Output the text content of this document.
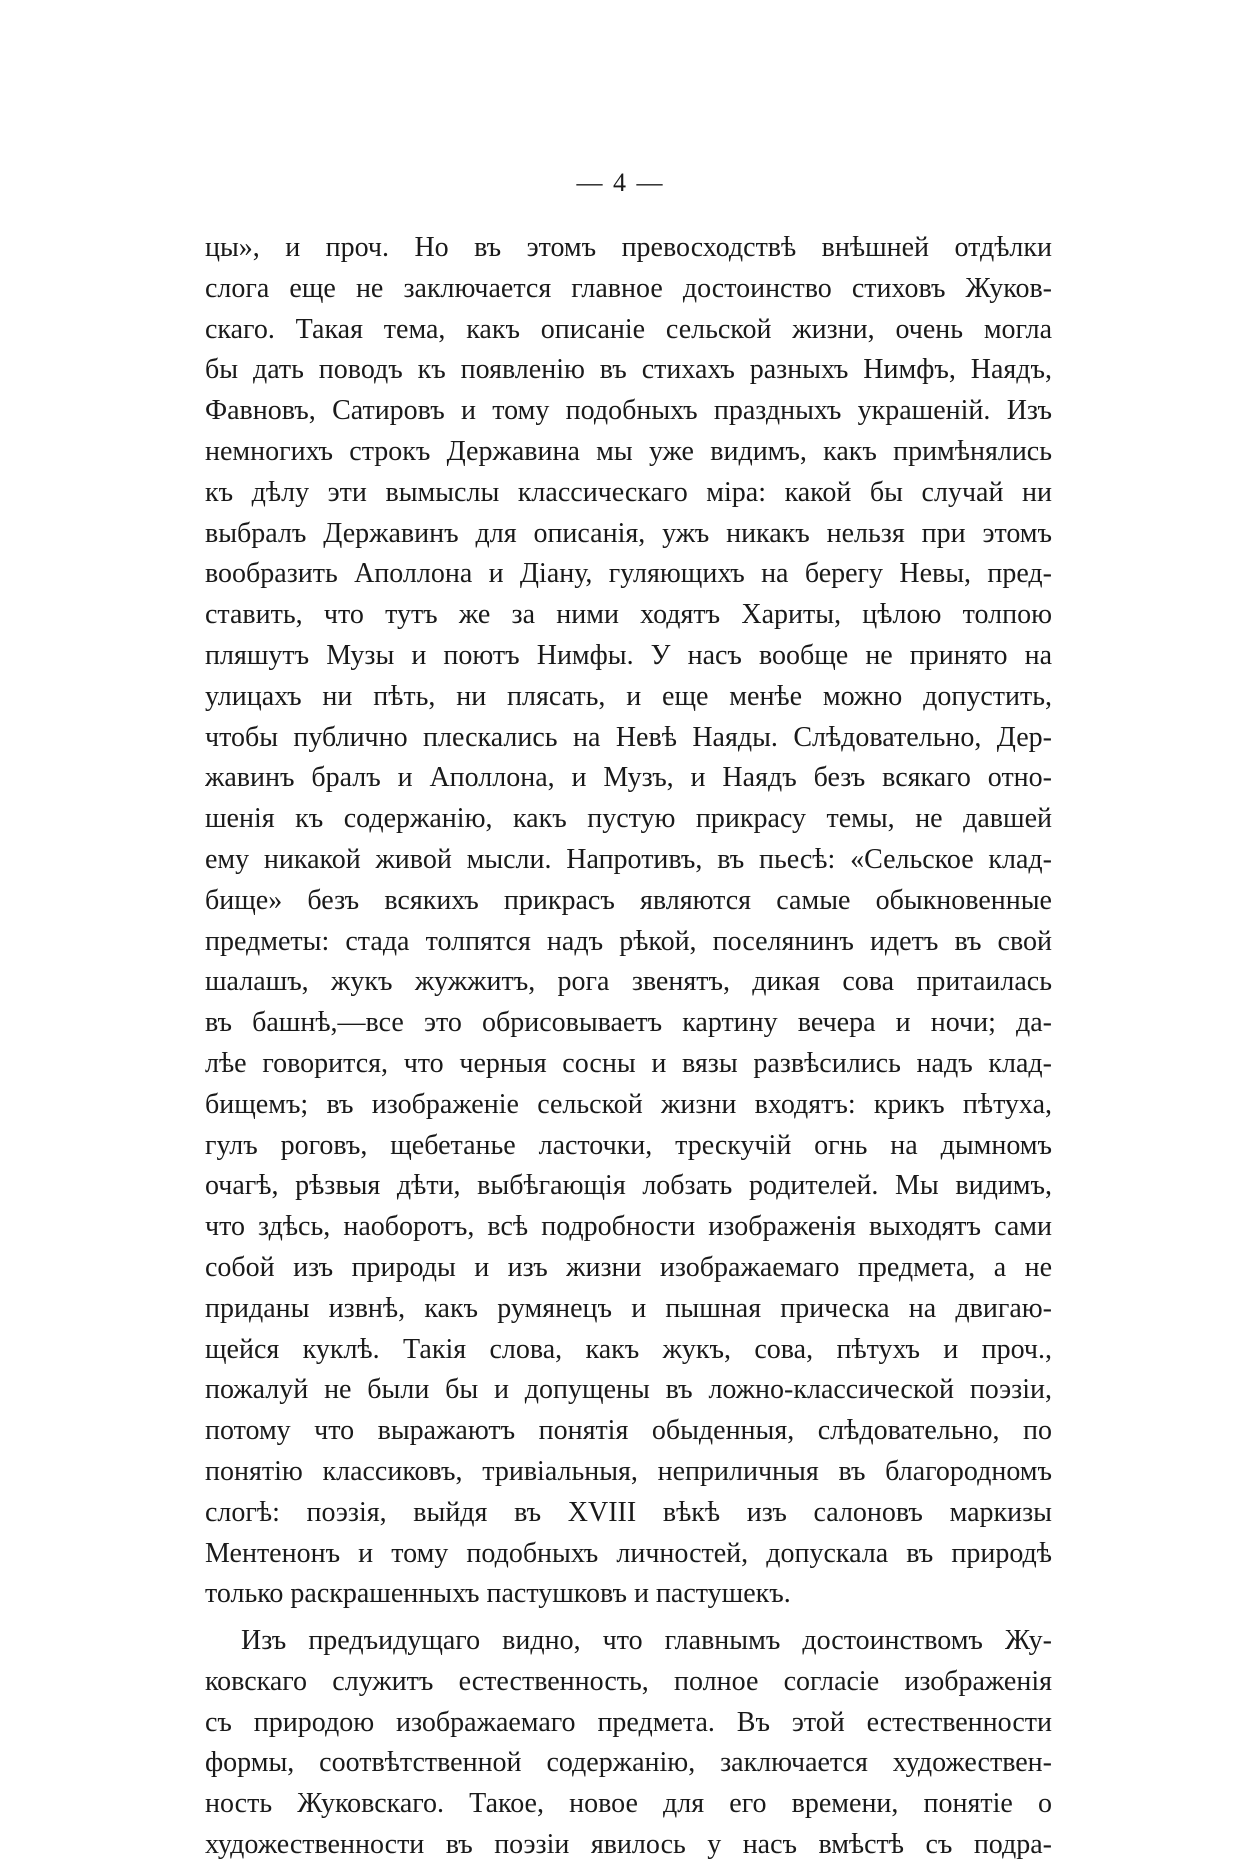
— 4 —
цы», и проч. Но въ этомъ превосходствѣ внѣшней отдѣлки
слога еще не заключается главное достоинство стиховъ Жуков-
скаго. Такая тема, какъ описаніе сельской жизни, очень могла
бы дать поводъ къ появленію въ стихахъ разныхъ Нимфъ, Наядъ,
Фавновъ, Сатировъ и тому подобныхъ праздныхъ украшеній. Изъ
немногихъ строкъ Державина мы уже видимъ, какъ примѣнялись
къ дѣлу эти вымыслы классическаго міра: какой бы случай ни
выбралъ Державинъ для описанія, ужъ никакъ нельзя при этомъ
вообразить Аполлона и Діану, гуляющихъ на берегу Невы, пред-
ставить, что тутъ же за ними ходятъ Хариты, цѣлою толпою
пляшутъ Музы и поютъ Нимфы. У насъ вообще не принято на
улицахъ ни пѣть, ни плясать, и еще менѣе можно допустить,
чтобы публично плескались на Невѣ Наяды. Слѣдовательно, Дер-
жавинъ бралъ и Аполлона, и Музъ, и Наядъ безъ всякаго отно-
шенія къ содержанію, какъ пустую прикрасу темы, не давшей
ему никакой живой мысли. Напротивъ, въ пьесѣ: «Сельское клад-
бище» безъ всякихъ прикрасъ являются самые обыкновенные
предметы: стада толпятся надъ рѣкой, поселянинъ идетъ въ свой
шалашъ, жукъ жужжитъ, рога звенятъ, дикая сова притаилась
въ башнѣ,—все это обрисовываетъ картину вечера и ночи; да-
лѣе говорится, что черныя сосны и вязы развѣсились надъ клад-
бищемъ; въ изображеніе сельской жизни входятъ: крикъ пѣтуха,
гулъ роговъ, щебетанье ласточки, трескучій огнь на дымномъ
очагѣ, рѣзвыя дѣти, выбѣгающія лобзать родителей. Мы видимъ,
что здѣсь, наоборотъ, всѣ подробности изображенія выходятъ сами
собой изъ природы и изъ жизни изображаемаго предмета, а не
приданы извнѣ, какъ румянецъ и пышная прическа на двигаю-
щейся куклѣ. Такія слова, какъ жукъ, сова, пѣтухъ и проч.,
пожалуй не были бы и допущены въ ложно-классической поэзіи,
потому что выражаютъ понятія обыденныя, слѣдовательно, по
понятію классиковъ, тривіальныя, неприличныя въ благородномъ
слогѣ: поэзія, выйдя въ XVIII вѣкѣ изъ салоновъ маркизы
Ментенонъ и тому подобныхъ личностей, допускала въ природѣ
только раскрашенныхъ пастушковъ и пастушекъ.
Изъ предъидущаго видно, что главнымъ достоинствомъ Жу-
ковскаго служитъ естественность, полное согласіе изображенія
съ природою изображаемаго предмета. Въ этой естественности
формы, соотвѣтственной содержанію, заключается художествен-
ность Жуковскаго. Такое, новое для его времени, понятіе о
художественности въ поэзіи явилось у насъ вмѣстѣ съ подра-
